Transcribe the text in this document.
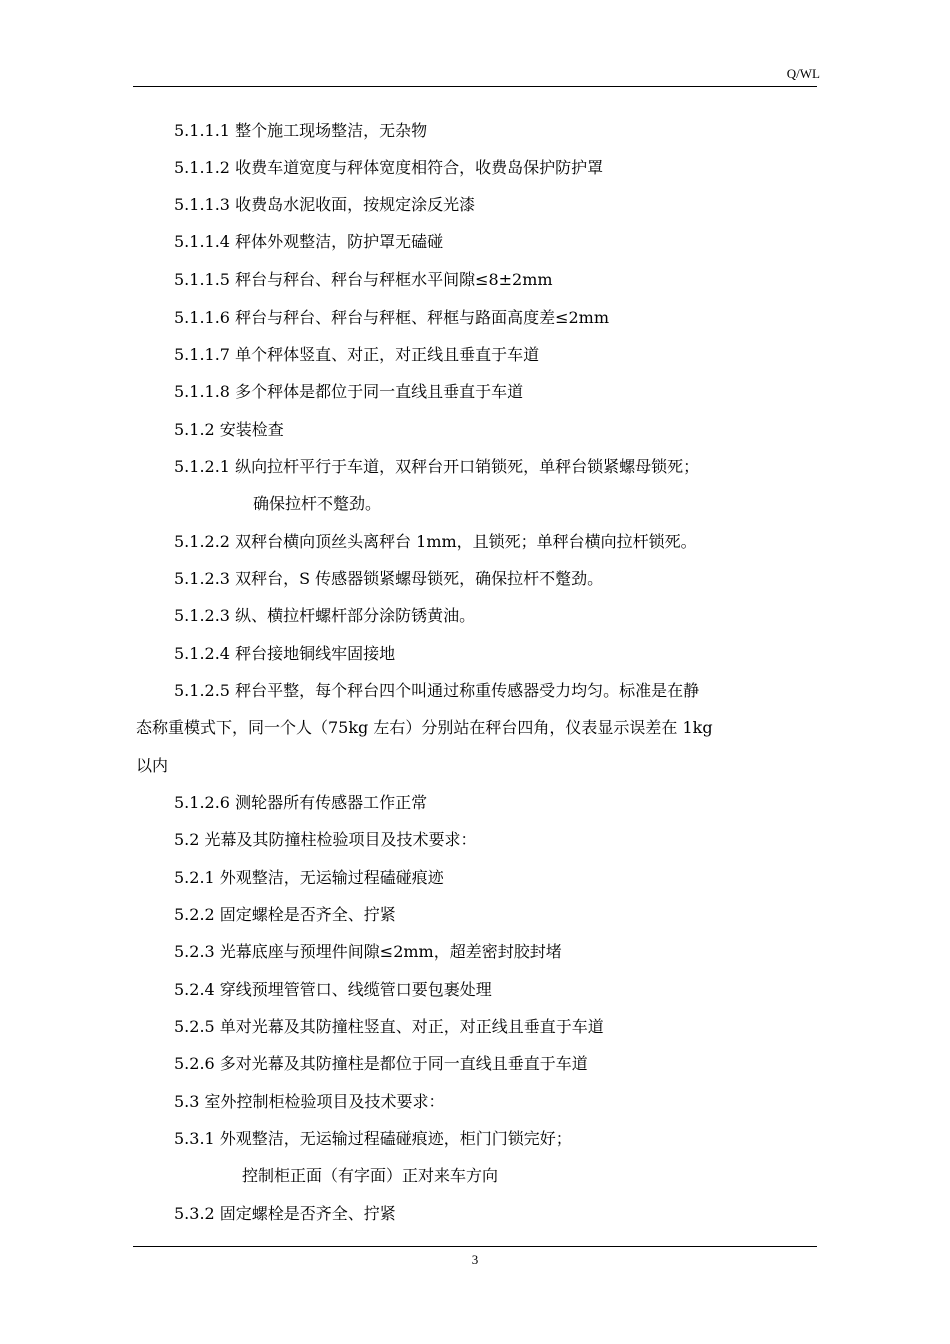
Q/WL
5.1.1.1 整个施工现场整洁，无杂物
5.1.1.2 收费车道宽度与秤体宽度相符合，收费岛保护防护罩
5.1.1.3 收费岛水泥收面，按规定涂反光漆
5.1.1.4 秤体外观整洁，防护罩无磕碰
5.1.1.5 秤台与秤台、秤台与秤框水平间隙≤8±2mm
5.1.1.6 秤台与秤台、秤台与秤框、秤框与路面高度差≤2mm
5.1.1.7 单个秤体竖直、对正，对正线且垂直于车道
5.1.1.8 多个秤体是都位于同一直线且垂直于车道
5.1.2 安装检查
5.1.2.1 纵向拉杆平行于车道，双秤台开口销锁死，单秤台锁紧螺母锁死；
确保拉杆不蹩劲。
5.1.2.2 双秤台横向顶丝头离秤台 1mm，且锁死；单秤台横向拉杆锁死。
5.1.2.3 双秤台，S 传感器锁紧螺母锁死，确保拉杆不蹩劲。
5.1.2.3 纵、横拉杆螺杆部分涂防锈黄油。
5.1.2.4 秤台接地铜线牢固接地
5.1.2.5 秤台平整，每个秤台四个叫通过称重传感器受力均匀。标准是在静
态称重模式下，同一个人（75kg 左右）分别站在秤台四角，仪表显示误差在 1kg
以内
5.1.2.6 测轮器所有传感器工作正常
5.2 光幕及其防撞柱检验项目及技术要求：
5.2.1 外观整洁，无运输过程磕碰痕迹
5.2.2 固定螺栓是否齐全、拧紧
5.2.3 光幕底座与预埋件间隙≤2mm，超差密封胶封堵
5.2.4 穿线预埋管管口、线缆管口要包裹处理
5.2.5 单对光幕及其防撞柱竖直、对正，对正线且垂直于车道
5.2.6 多对光幕及其防撞柱是都位于同一直线且垂直于车道
5.3 室外控制柜检验项目及技术要求：
5.3.1 外观整洁，无运输过程磕碰痕迹，柜门门锁完好；
控制柜正面（有字面）正对来车方向
5.3.2 固定螺栓是否齐全、拧紧
3
